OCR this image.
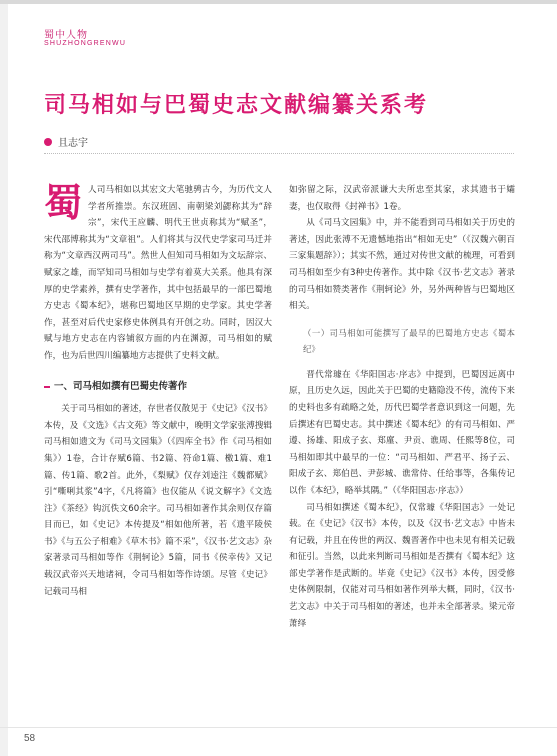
蜀中人物
SHUZHONGRENWU
司马相如与巴蜀史志文献编纂关系考
且志宇

蜀人司马相如以其宏文大笔驰骋古今，为历代文人学者所推崇。东汉班固、南朝梁刘勰称其为“辞宗”，宋代王应麟、明代王世贞称其为“赋圣”，宋代邵博称其为“文章祖”。人们将其与汉代史学家司马迁并称为“文章西汉两司马”。然世人但知司马相如为文坛辞宗、赋家之雄，而罕知司马相如与史学有着莫大关系。他具有深厚的史学素养，撰有史学著作，其中包括最早的一部巴蜀地方史志《蜀本纪》，堪称巴蜀地区早期的史学家。其史学著作，甚至对后代史家修史体例具有开创之功。同时，因汉大赋与地方史志在内容铺叙方面的内在渊源，司马相如的赋作，也为后世四川编纂地方志提供了史料文献。

一、司马相如撰有巴蜀史传著作

关于司马相如的著述，存世者仅散见于《史记》《汉书》本传，及《文选》《古文苑》等文献中，晚明文学家张溥搜辑司马相如遗文为《司马文园集》（《四库全书》作《司马相如集》）1卷，合计存赋6篇、书2篇、符命1篇、檄1篇、难1篇、传1篇、歌2首。此外，《梨赋》仅存刘逵注《魏都赋》引“嘶唎其浆”4字，《凡将篇》也仅能从《说文解字》《文选注》《茶经》钩沉佚文60余字。司马相如著作其余则仅存篇目而已，如《史记》本传提及“相如他所著，若《遗平陵侯书》《与五公子相难》《草木书》篇不采”，《汉书·艺文志》杂家著录司马相如等作《荆轲论》5篇，同书《侯幸传》又记载汉武帝兴天地诸祠，令司马相如等作诗颂。尽管《史记》记载司马相

如弥留之际，汉武帝派谦大夫所忠至其家，求其遗书于孀妻，也仅取得《封禅书》1卷。

从《司马文园集》中，并不能看到司马相如关于历史的著述，因此张溥不无遗憾地指出“相如无史”（《汉魏六朝百三家集题辞》）；其实不然，通过对传世文献的梳理，可看到司马相如至少有3种史传著作。其中除《汉书·艺文志》著录的司马相如赞类著作《荆轲论》外，另外两种皆与巴蜀地区相关。

（一）司马相如可能撰写了最早的巴蜀地方史志《蜀本纪》

晋代常璩在《华阳国志·序志》中提到，巴蜀因远离中原，且历史久远，因此关于巴蜀的史籍隐没不传，流传下来的史料也多有疏略之处，历代巴蜀学者意识到这一问题，先后撰述有巴蜀史志。其中撰述《蜀本纪》的有司马相如、严遵、扬雄、阳成子玄、郑廑、尹贡、谯周、任熙等8位，司马相如即其中最早的一位：“司马相如、严君平、扬子云、阳成子玄、郑伯邑、尹彭城、谯常侍、任给事等，各集传记以作《本纪》，略举其隅。”（《华阳国志·序志》）

司马相如撰述《蜀本纪》，仅常璩《华阳国志》一处记载。在《史记》《汉书》本传，以及《汉书·艺文志》中皆未有记载，并且在传世的两汉、魏晋著作中也未见有相关记载和征引。当然，以此来判断司马相如是否撰有《蜀本纪》这部史学著作是武断的。毕竟《史记》《汉书》本传，因受修史体例限制，仅能对司马相如著作列举大概，同时，《汉书·艺文志》中关于司马相如的著述，也并未全部著录。梁元帝萧绎

58
